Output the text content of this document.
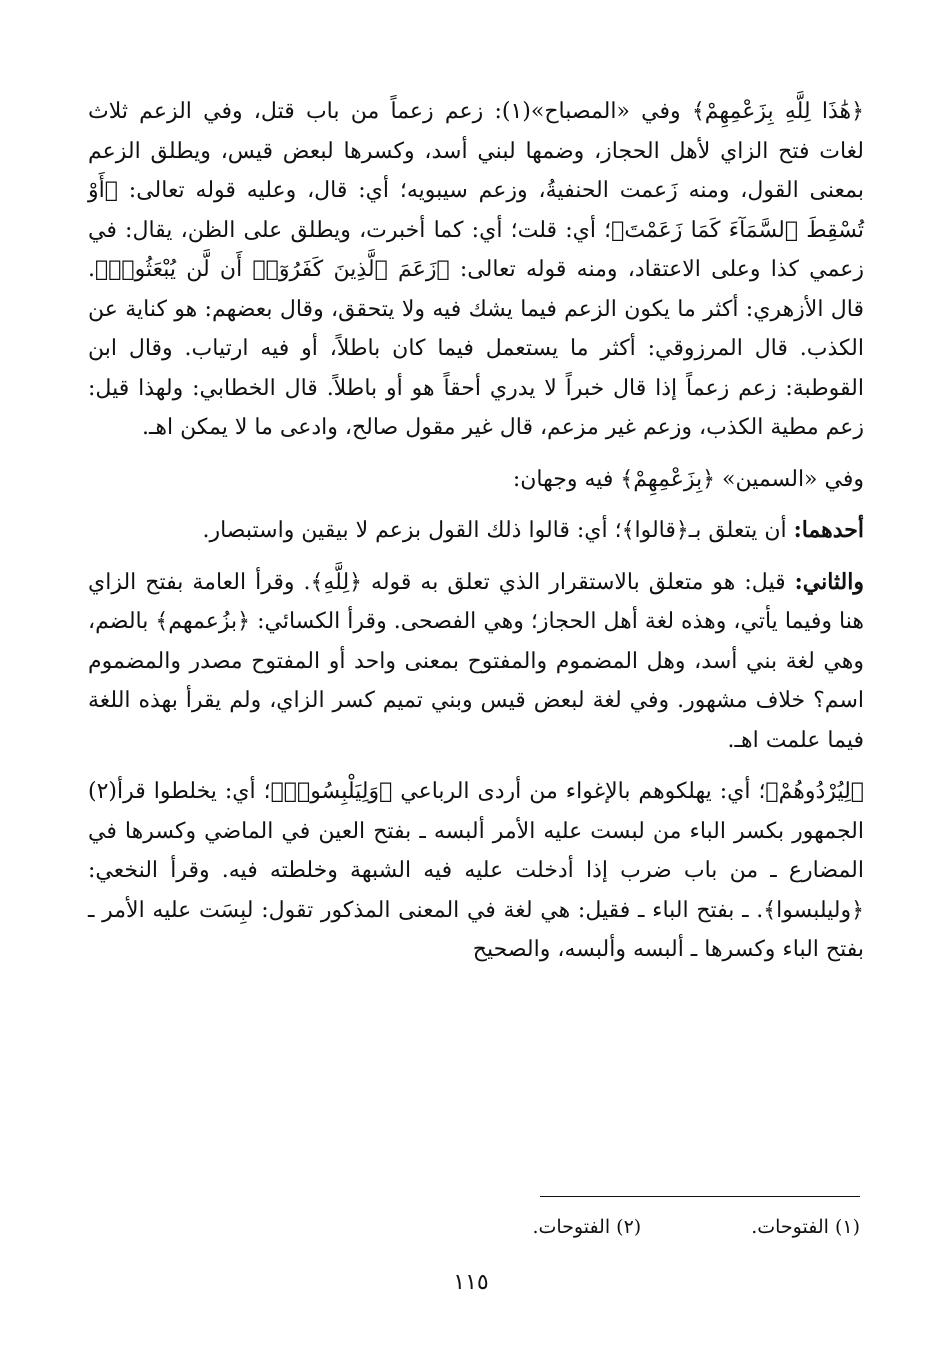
﴿هَٰذَا لِلَّهِ بِزَعْمِهِمْ﴾ وفي «المصباح»(١): زعم زعماً من باب قتل، وفي الزعم ثلاث لغات فتح الزاي لأهل الحجاز، وضمها لبني أسد، وكسرها لبعض قيس، ويطلق الزعم بمعنى القول، ومنه زَعمت الحنفيةُ، وزعم سيبويه؛ أي: قال، وعليه قوله تعالى: ﴿أَوْ تُسْقِطَ ٱلسَّمَآءَ كَمَا زَعَمْتَ﴾؛ أي: قلت؛ أي: كما أخبرت، ويطلق على الظن، يقال: في زعمي كذا وعلى الاعتقاد، ومنه قوله تعالى: ﴿زَعَمَ ٱلَّذِينَ كَفَرُوٓا۟ أَن لَّن يُبْعَثُوا۟﴾. قال الأزهري: أكثر ما يكون الزعم فيما يشك فيه ولا يتحقق، وقال بعضهم: هو كناية عن الكذب. قال المرزوقي: أكثر ما يستعمل فيما كان باطلاً، أو فيه ارتياب. وقال ابن القوطبة: زعم زعماً إذا قال خبراً لا يدري أحقاً هو أو باطلاً. قال الخطابي: ولهذا قيل: زعم مطية الكذب، وزعم غير مزعم، قال غير مقول صالح، وادعى ما لا يمكن اهـ.

وفي «السمين» ﴿بِزَعْمِهِمْ﴾ فيه وجهان:

أحدهما: أن يتعلق بـ﴿قالوا﴾؛ أي: قالوا ذلك القول بزعم لا بيقين واستبصار.

والثاني: قيل: هو متعلق بالاستقرار الذي تعلق به قوله ﴿لِلَّهِ﴾. وقرأ العامة بفتح الزاي هنا وفيما يأتي، وهذه لغة أهل الحجاز؛ وهي الفصحى. وقرأ الكسائي: ﴿بزُعمهم﴾ بالضم، وهي لغة بني أسد، وهل المضموم والمفتوح بمعنى واحد أو المفتوح مصدر والمضموم اسم؟ خلاف مشهور. وفي لغة لبعض قيس وبني تميم كسر الزاي، ولم يقرأ بهذه اللغة فيما علمت اهـ.

﴿لِيُرْدُوهُمْ﴾؛ أي: يهلكوهم بالإغواء من أردى الرباعي ﴿وَلِيَلْبِسُوا۟﴾؛ أي: يخلطوا قرأ(٢) الجمهور بكسر الباء من لبست عليه الأمر ألبسه ـ بفتح العين في الماضي وكسرها في المضارع ـ من باب ضرب إذا أدخلت عليه فيه الشبهة وخلطته فيه. وقرأ النخعي: ﴿وليلبسوا﴾. ـ بفتح الباء ـ فقيل: هي لغة في المعنى المذكور تقول: لبِسَت عليه الأمر ـ بفتح الباء وكسرها ـ ألبسه وألبسه، والصحيح

(١) الفتوحات.
(٢) الفتوحات.
١١٥
